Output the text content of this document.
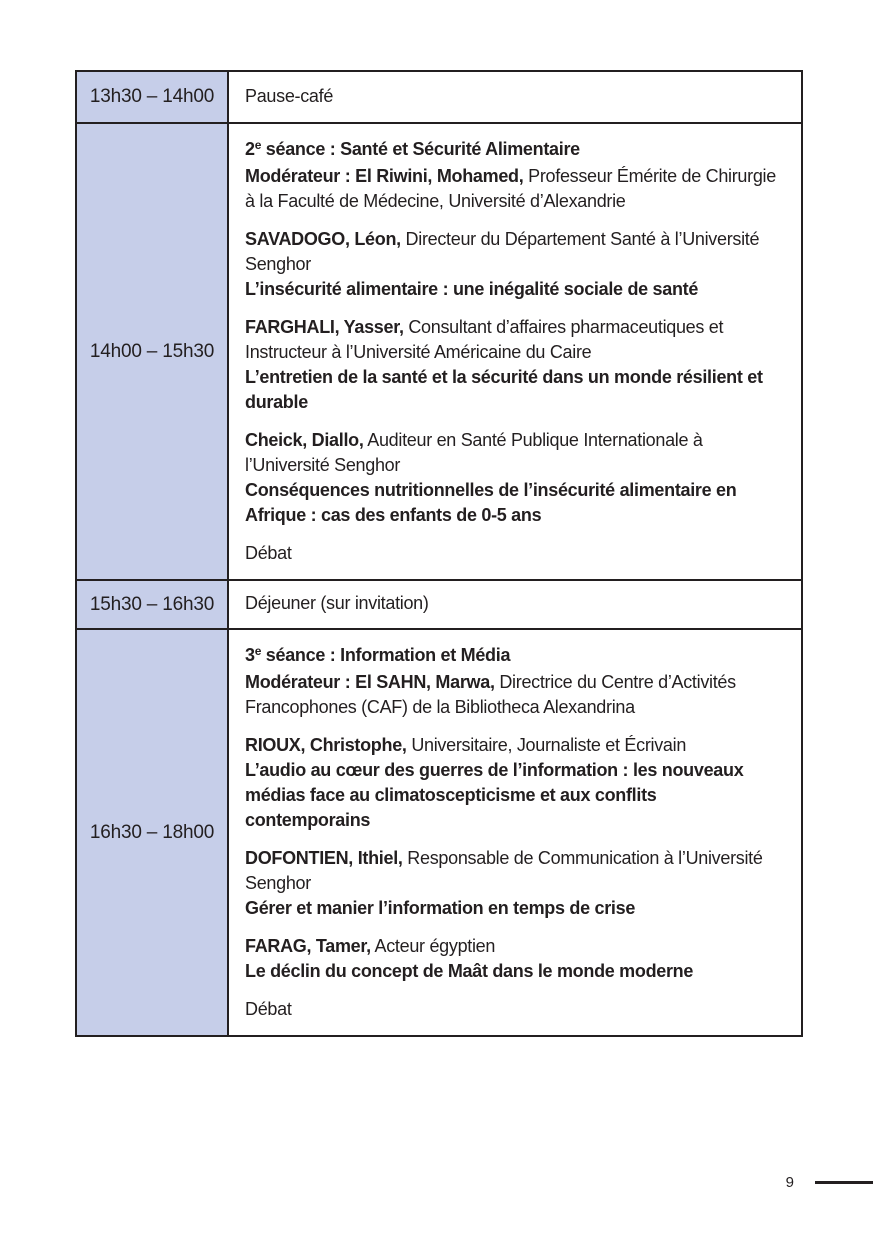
13h30 – 14h00	Pause-café

14h00 – 15h30

2e séance : Santé et Sécurité Alimentaire
Modérateur : El Riwini, Mohamed, Professeur Émérite de Chirurgie à la Faculté de Médecine, Université d’Alexandrie

SAVADOGO, Léon, Directeur du Département Santé à l’Université Senghor
L’insécurité alimentaire : une inégalité sociale de santé

FARGHALI, Yasser, Consultant d’affaires pharmaceutiques et Instructeur à l’Université Américaine du Caire
L’entretien de la santé et la sécurité dans un monde résilient et durable

Cheick, Diallo, Auditeur en Santé Publique Internationale à l’Université Senghor
Conséquences nutritionnelles de l’insécurité alimentaire en Afrique : cas des enfants de 0-5 ans

Débat

15h30 – 16h30	Déjeuner (sur invitation)

16h30 – 18h00

3e séance : Information et Média
Modérateur : El SAHN, Marwa, Directrice du Centre d’Activités Francophones (CAF) de la Bibliotheca Alexandrina

RIOUX, Christophe, Universitaire, Journaliste et Écrivain
L’audio au cœur des guerres de l’information : les nouveaux médias face au climatoscepticisme et aux conflits contemporains

DOFONTIEN, Ithiel, Responsable de Communication à l’Université Senghor
Gérer et manier l’information en temps de crise

FARAG, Tamer, Acteur égyptien
Le déclin du concept de Maât dans le monde moderne

Débat

9
